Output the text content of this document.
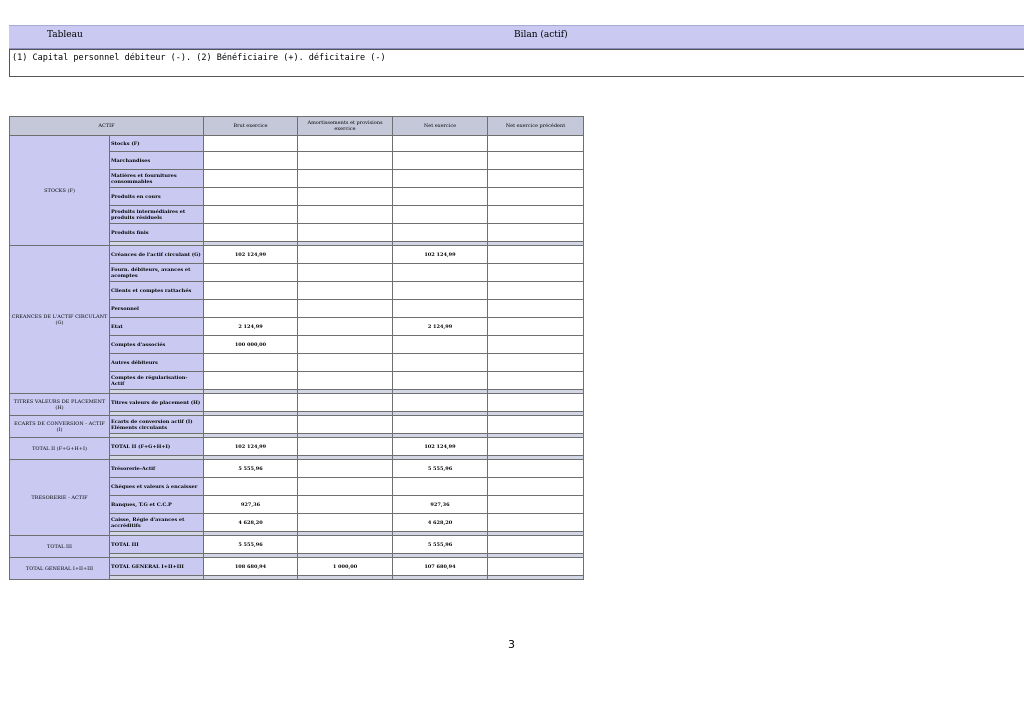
Tableau	Bilan (actif)
(1) Capital personnel débiteur (-). (2) Bénéficiaire (+). déficitaire (-)
ACTIF		Brut exercice	Amortissements et provisions exercice	Net exercice	Net exercice précédent
STOCKS (F)	Stocks (F)				
	Marchandises				
	Matières et fournitures consommables				
	Produits en cours				
	Produits intermédiaires et produits résiduels				
	Produits finis				

CREANCES DE L'ACTIF CIRCULANT (G)	Créances de l'actif circulant (G)	102 124,99		102 124,99	
	Fourn. débiteurs, avances et acomptes				
	Clients et comptes rattachés				
	Personnel				
	Etat	2 124,99		2 124,99	
	Comptes d'associés	100 000,00			
	Autres débiteurs				
	Comptes de régularisation- Actif				

TITRES VALEURS DE PLACEMENT (H)	Titres valeurs de placement (H)				

ECARTS DE CONVERSION - ACTIF (I)	Ecarts de conversion actif (I) Eléments circulants				

TOTAL II (F+G+H+I)	TOTAL II (F+G+H+I)	102 124,99		102 124,99	

TRESORERIE - ACTIF	Trésorerie-Actif	5 555,96		5 555,96	
	Chèques et valeurs à encaisser				
	Banques, T.G et C.C.P	927,36		927,36	
	Caisse, Régie d'avances et accréditifs	4 628,20		4 628,20	

TOTAL III	TOTAL III	5 555,96		5 555,96	

TOTAL GENERAL I+II+III	TOTAL GENERAL I+II+III	108 680,94	1 000,00	107 680,94	

3
